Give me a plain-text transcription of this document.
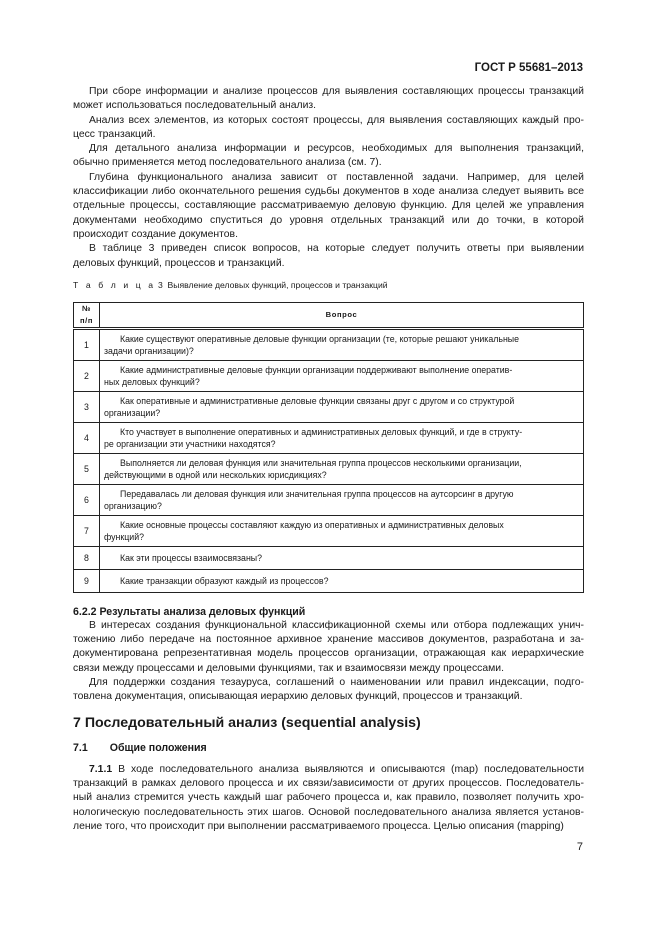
ГОСТ Р 55681–2013
При сборе информации и анализе процессов для выявления составляющих процессы транзакций
может использоваться последовательный анализ.
Анализ всех элементов, из которых состоят процессы, для выявления составляющих каждый про-
цесс транзакций.
Для детального анализа информации и ресурсов, необходимых для выполнения транзакций,
обычно применяется метод последовательного анализа (см. 7).
Глубина функционального анализа зависит от поставленной задачи. Например, для целей
классификации либо окончательного решения судьбы документов в ходе анализа следует выявить все
отдельные процессы, составляющие рассматриваемую деловую функцию. Для целей же управления
документами необходимо спуститься до уровня отдельных транзакций или до точки, в которой
происходит создание документов.
В таблице 3 приведен список вопросов, на которые следует получить ответы при выявлении
деловых функций, процессов и транзакций.
Т а б л и ц а 3 Выявление деловых функций, процессов и транзакций
№ п/п	Вопрос
1	Какие существуют оперативные деловые функции организации (те, которые решают уникальные
задачи организации)?

2	Какие административные деловые функции организации поддерживают выполнение оператив-
ных деловых функций?

3	Как оперативные и административные деловые функции связаны друг с другом и со структурой
организации?

4	Кто участвует в выполнение оперативных и административных деловых функций, и где в структу-
ре организации эти участники находятся?

5	Выполняется ли деловая функция или значительная группа процессов несколькими организации,
действующими в одной или нескольких юрисдикциях?

6	Передавалась ли деловая функция или значительная группа процессов на аутсорсинг в другую
организацию?

7	Какие основные процессы составляют каждую из оперативных и административных деловых
функций?

8	Как эти процессы взаимосвязаны?

9	Какие транзакции образуют каждый из процессов?
6.2.2 Результаты анализа деловых функций
В интересах создания функциональной классификационной схемы или отбора подлежащих унич-
тожению либо передаче на постоянное архивное хранение массивов документов, разработана и за-
документирована репрезентативная модель процессов организации, отражающая как иерархические
связи между процессами и деловыми функциями, так и взаимосвязи между процессами.
Для поддержки создания тезауруса, соглашений о наименовании или правил индексации, подго-
товлена документация, описывающая иерархию деловых функций, процессов и транзакций.
7 Последовательный анализ (sequential analysis)
7.1 Общие положения
7.1.1 В ходе последовательного анализа выявляются и описываются (map) последовательности
транзакций в рамках делового процесса и их связи/зависимости от других процессов. Последователь-
ный анализ стремится учесть каждый шаг рабочего процесса и, как правило, позволяет получить хро-
нологическую последовательность этих шагов. Основой последовательного анализа является установ-
ление того, что происходит при выполнении рассматриваемого процесса. Целью описания (mapping)
7
